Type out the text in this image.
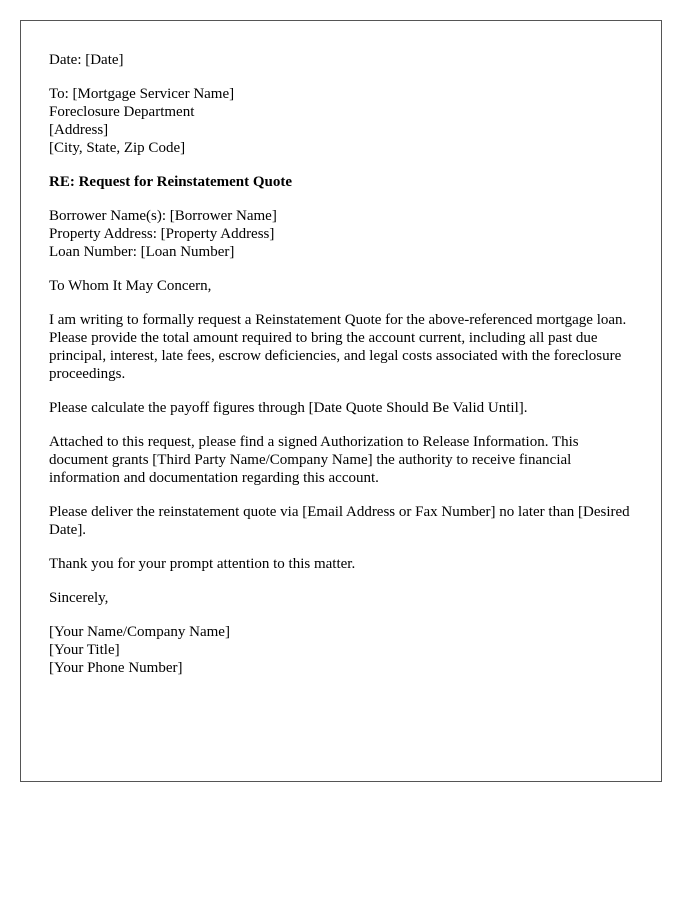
Date: [Date]

To: [Mortgage Servicer Name]
Foreclosure Department
[Address]
[City, State, Zip Code]

RE: Request for Reinstatement Quote

Borrower Name(s): [Borrower Name]
Property Address: [Property Address]
Loan Number: [Loan Number]

To Whom It May Concern,

I am writing to formally request a Reinstatement Quote for the above-referenced mortgage loan. Please provide the total amount required to bring the account current, including all past due principal, interest, late fees, escrow deficiencies, and legal costs associated with the foreclosure proceedings.

Please calculate the payoff figures through [Date Quote Should Be Valid Until].

Attached to this request, please find a signed Authorization to Release Information. This document grants [Third Party Name/Company Name] the authority to receive financial information and documentation regarding this account.

Please deliver the reinstatement quote via [Email Address or Fax Number] no later than [Desired Date].

Thank you for your prompt attention to this matter.

Sincerely,

[Your Name/Company Name]
[Your Title]
[Your Phone Number]
